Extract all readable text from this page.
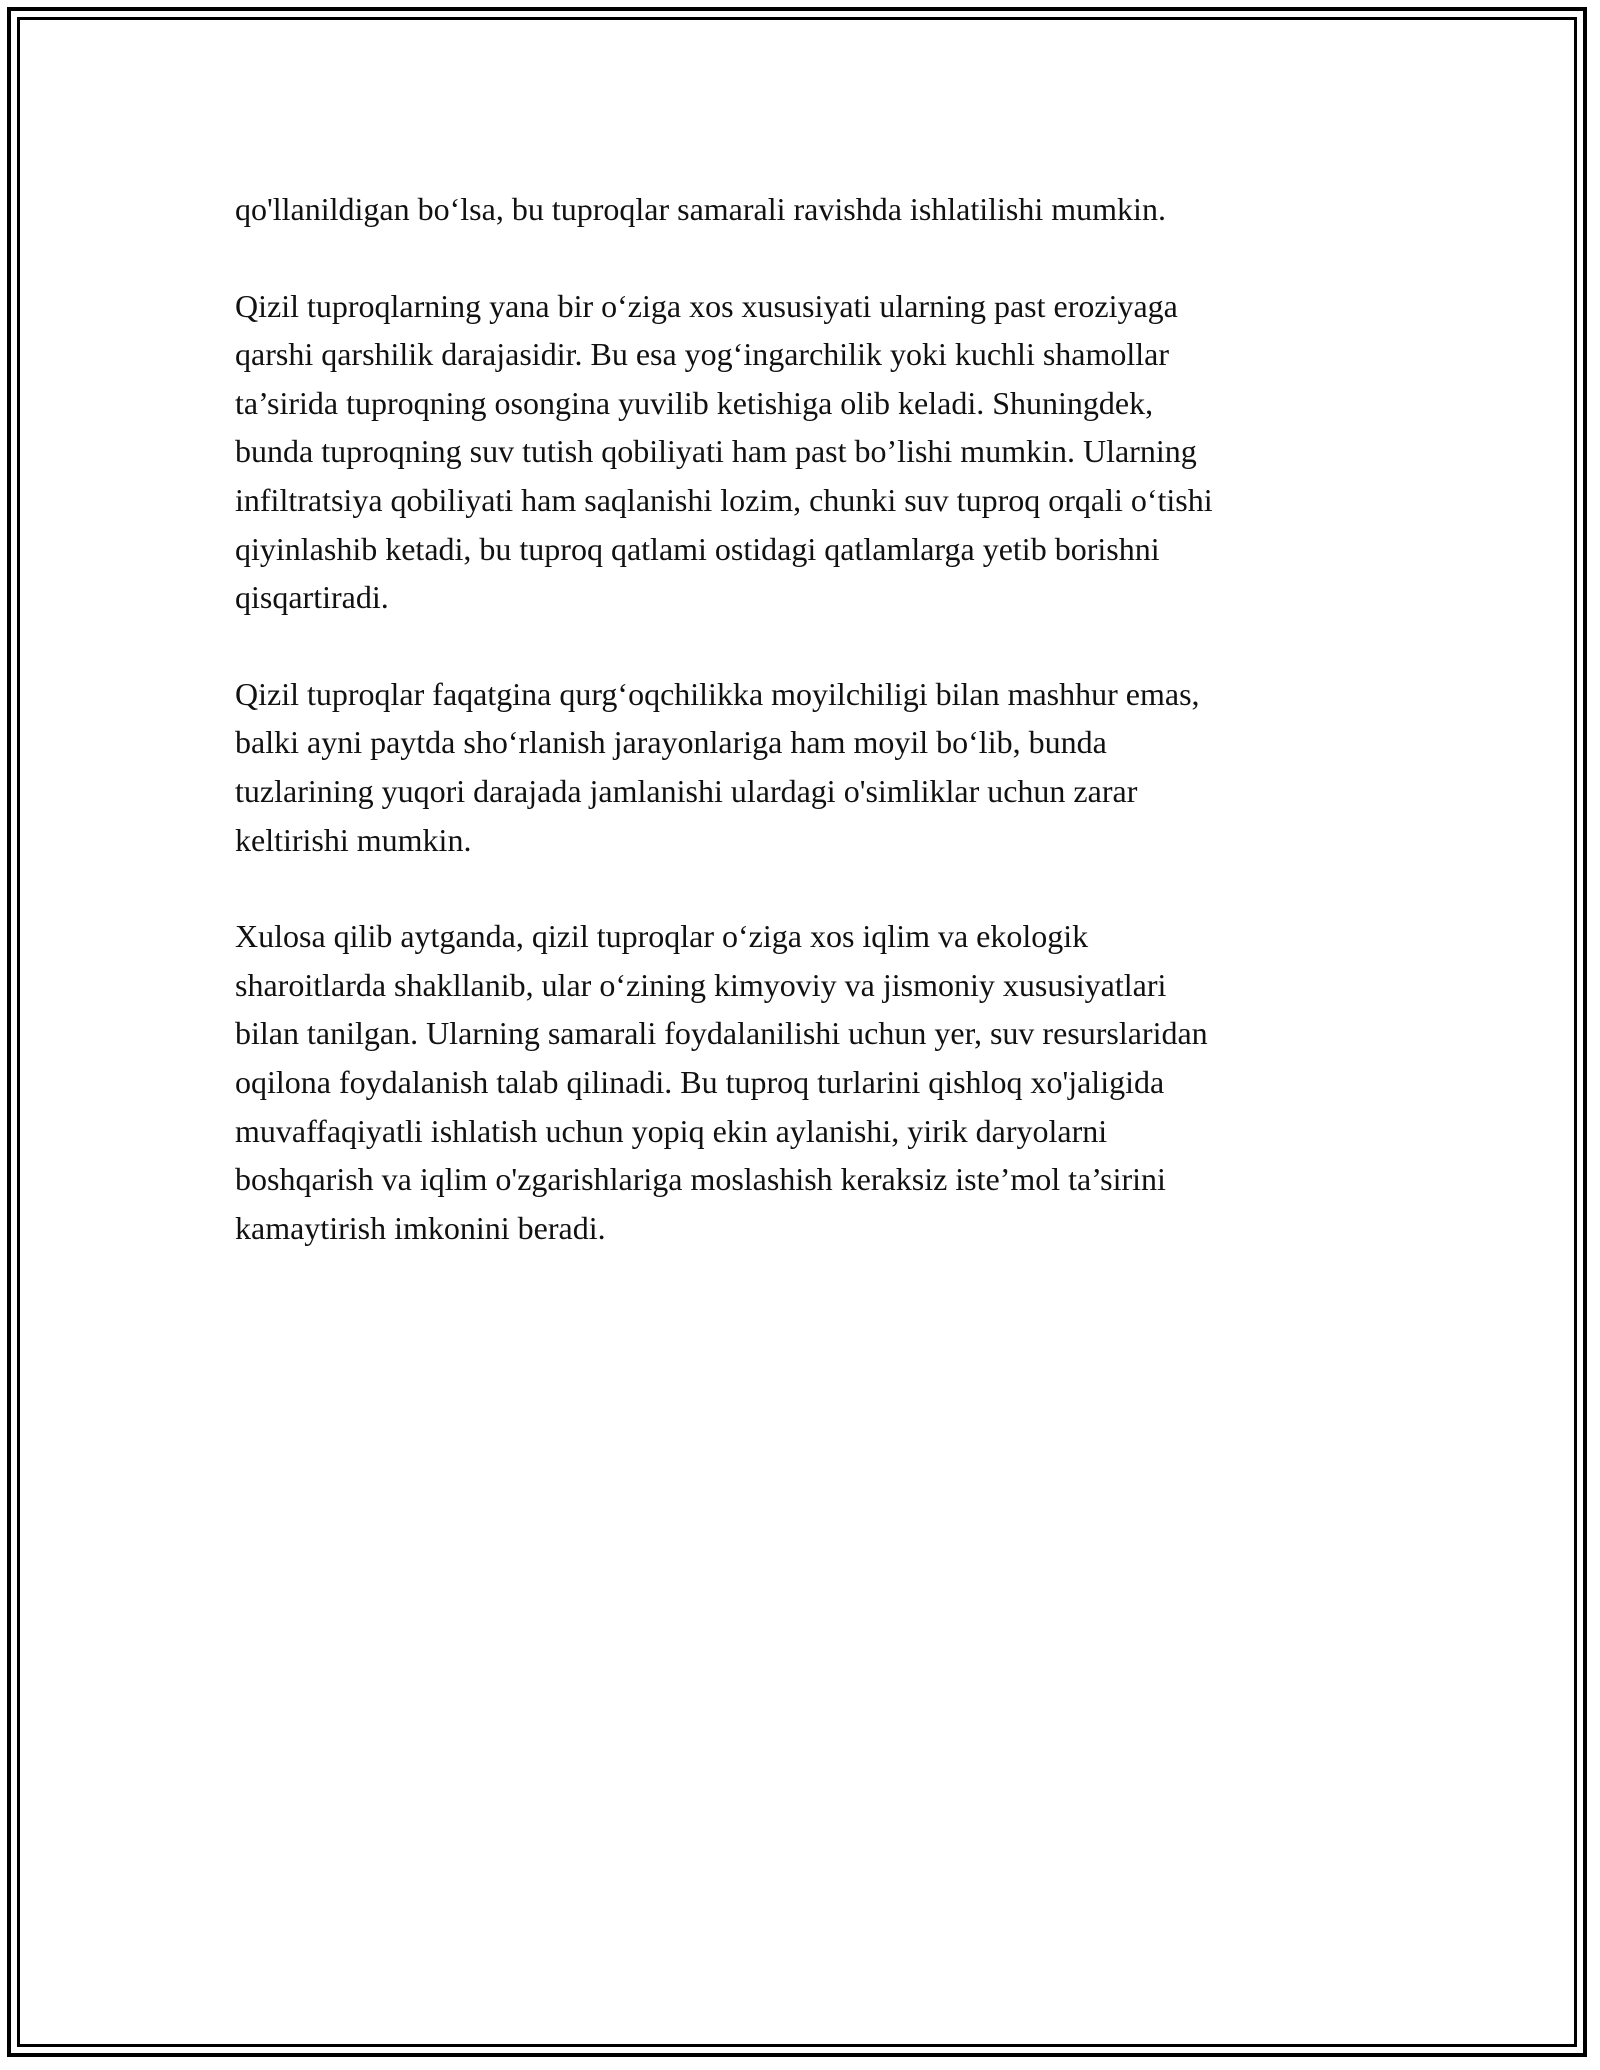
qo'llanildigan bo‘lsa, bu tuproqlar samarali ravishda ishlatilishi mumkin.

Qizil tuproqlarning yana bir o‘ziga xos xususiyati ularning past eroziyaga
qarshi qarshilik darajasidir. Bu esa yog‘ingarchilik yoki kuchli shamollar
ta’sirida tuproqning osongina yuvilib ketishiga olib keladi. Shuningdek,
bunda tuproqning suv tutish qobiliyati ham past bo’lishi mumkin. Ularning
infiltratsiya qobiliyati ham saqlanishi lozim, chunki suv tuproq orqali o‘tishi
qiyinlashib ketadi, bu tuproq qatlami ostidagi qatlamlarga yetib borishni
qisqartiradi.

Qizil tuproqlar faqatgina qurg‘oqchilikka moyilchiligi bilan mashhur emas,
balki ayni paytda sho‘rlanish jarayonlariga ham moyil bo‘lib, bunda
tuzlarining yuqori darajada jamlanishi ulardagi o'simliklar uchun zarar
keltirishi mumkin.

Xulosa qilib aytganda, qizil tuproqlar o‘ziga xos iqlim va ekologik
sharoitlarda shakllanib, ular o‘zining kimyoviy va jismoniy xususiyatlari
bilan tanilgan. Ularning samarali foydalanilishi uchun yer, suv resurslaridan
oqilona foydalanish talab qilinadi. Bu tuproq turlarini qishloq xo'jaligida
muvaffaqiyatli ishlatish uchun yopiq ekin aylanishi, yirik daryolarni
boshqarish va iqlim o'zgarishlariga moslashish keraksiz iste’mol ta’sirini
kamaytirish imkonini beradi.
